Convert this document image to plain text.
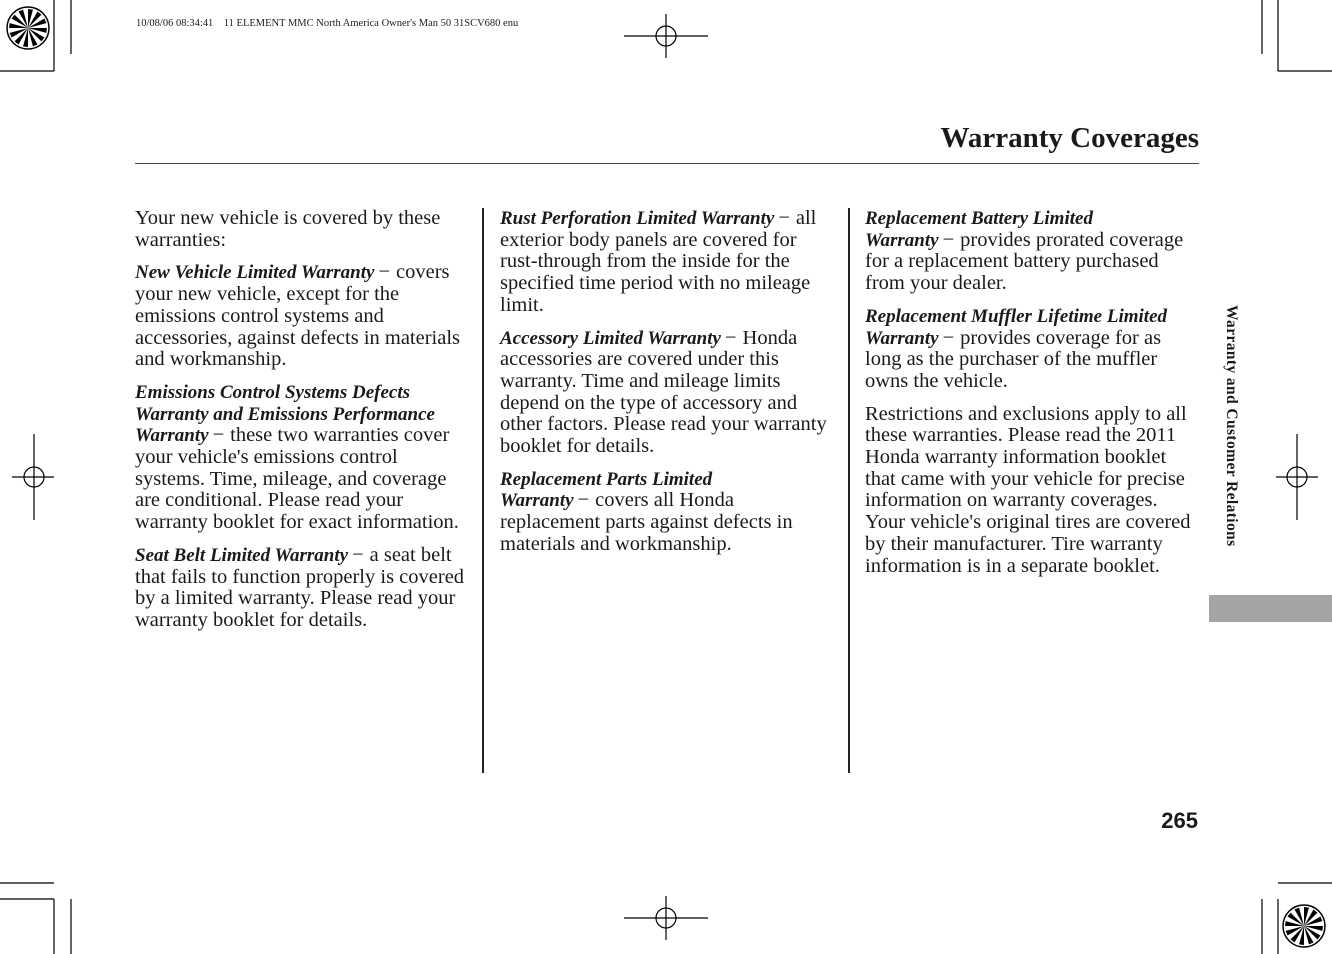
10/08/06 08:34:41    11 ELEMENT MMC North America Owner's Man 50 31SCV680 enu
Warranty Coverages

Your new vehicle is covered by these warranties:

New Vehicle Limited Warranty − covers your new vehicle, except for the emissions control systems and accessories, against defects in materials and workmanship.

Emissions Control Systems Defects Warranty and Emissions Performance Warranty − these two warranties cover your vehicle's emissions control systems. Time, mileage, and coverage are conditional. Please read your warranty booklet for exact information.

Seat Belt Limited Warranty − a seat belt that fails to function properly is covered by a limited warranty. Please read your warranty booklet for details.

Rust Perforation Limited Warranty − all exterior body panels are covered for rust-through from the inside for the specified time period with no mileage limit.

Accessory Limited Warranty − Honda accessories are covered under this warranty. Time and mileage limits depend on the type of accessory and other factors. Please read your warranty booklet for details.

Replacement Parts Limited Warranty − covers all Honda replacement parts against defects in materials and workmanship.

Replacement Battery Limited Warranty − provides prorated coverage for a replacement battery purchased from your dealer.

Replacement Muffler Lifetime Limited Warranty − provides coverage for as long as the purchaser of the muffler owns the vehicle.

Restrictions and exclusions apply to all these warranties. Please read the 2011 Honda warranty information booklet that came with your vehicle for precise information on warranty coverages. Your vehicle's original tires are covered by their manufacturer. Tire warranty information is in a separate booklet.

Warranty and Customer Relations
265
